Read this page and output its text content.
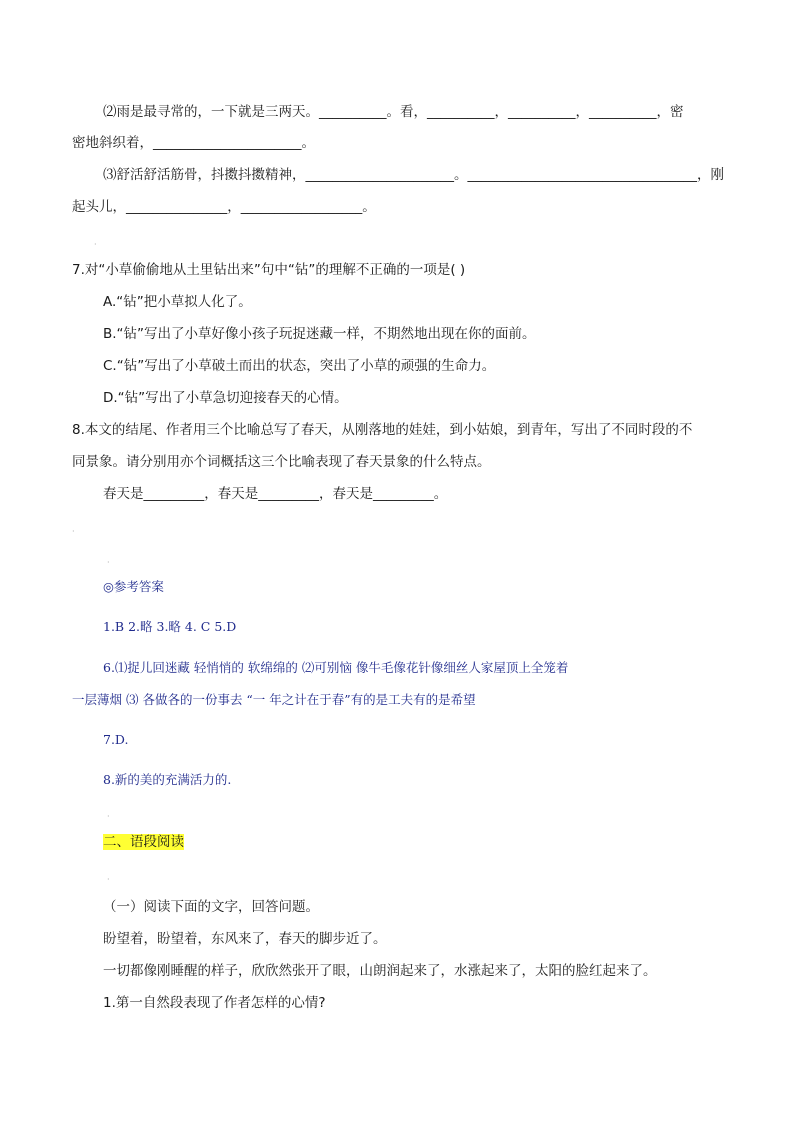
⑵雨是最寻常的，一下就是三两天。__________。看，__________，__________，__________，密
密地斜织着，______________________。
⑶舒活舒活筋骨，抖擞抖擞精神，______________________。__________________________________，刚
起头儿，_______________，__________________。
·
7.对“小草偷偷地从土里钻出来”句中“钻”的理解不正确的一项是( )
A.“钻”把小草拟人化了。
B.“钻”写出了小草好像小孩子玩捉迷藏一样，不期然地出现在你的面前。
C.“钻”写出了小草破土而出的状态，突出了小草的顽强的生命力。
D.“钻”写出了小草急切迎接春天的心情。
8.本文的结尾、作者用三个比喻总写了春天，从刚落地的娃娃，到小姑娘，到青年，写出了不同时段的不
同景象。请分别用亦个词概括这三个比喻表现了春天景象的什么特点。
春天是_________，春天是_________，春天是_________。
·
·
◎参考答案
1.B 2.略 3.略 4. C 5.D
6.⑴捉儿回迷藏 轻悄悄的 软绵绵的 ⑵可别恼 像牛毛像花针像细丝人家屋顶上全笼着
一层薄烟 ⑶ 各做各的一份事去 “一 年之计在于春”有的是工夫有的是希望
7.D.
8.新的美的充满活力的.
·
二、语段阅读
·
（一）阅读下面的文字，回答问题。
盼望着，盼望着，东风来了，春天的脚步近了。
一切都像刚睡醒的样子，欣欣然张开了眼，山朗润起来了，水涨起来了，太阳的脸红起来了。
1.第一自然段表现了作者怎样的心情?
